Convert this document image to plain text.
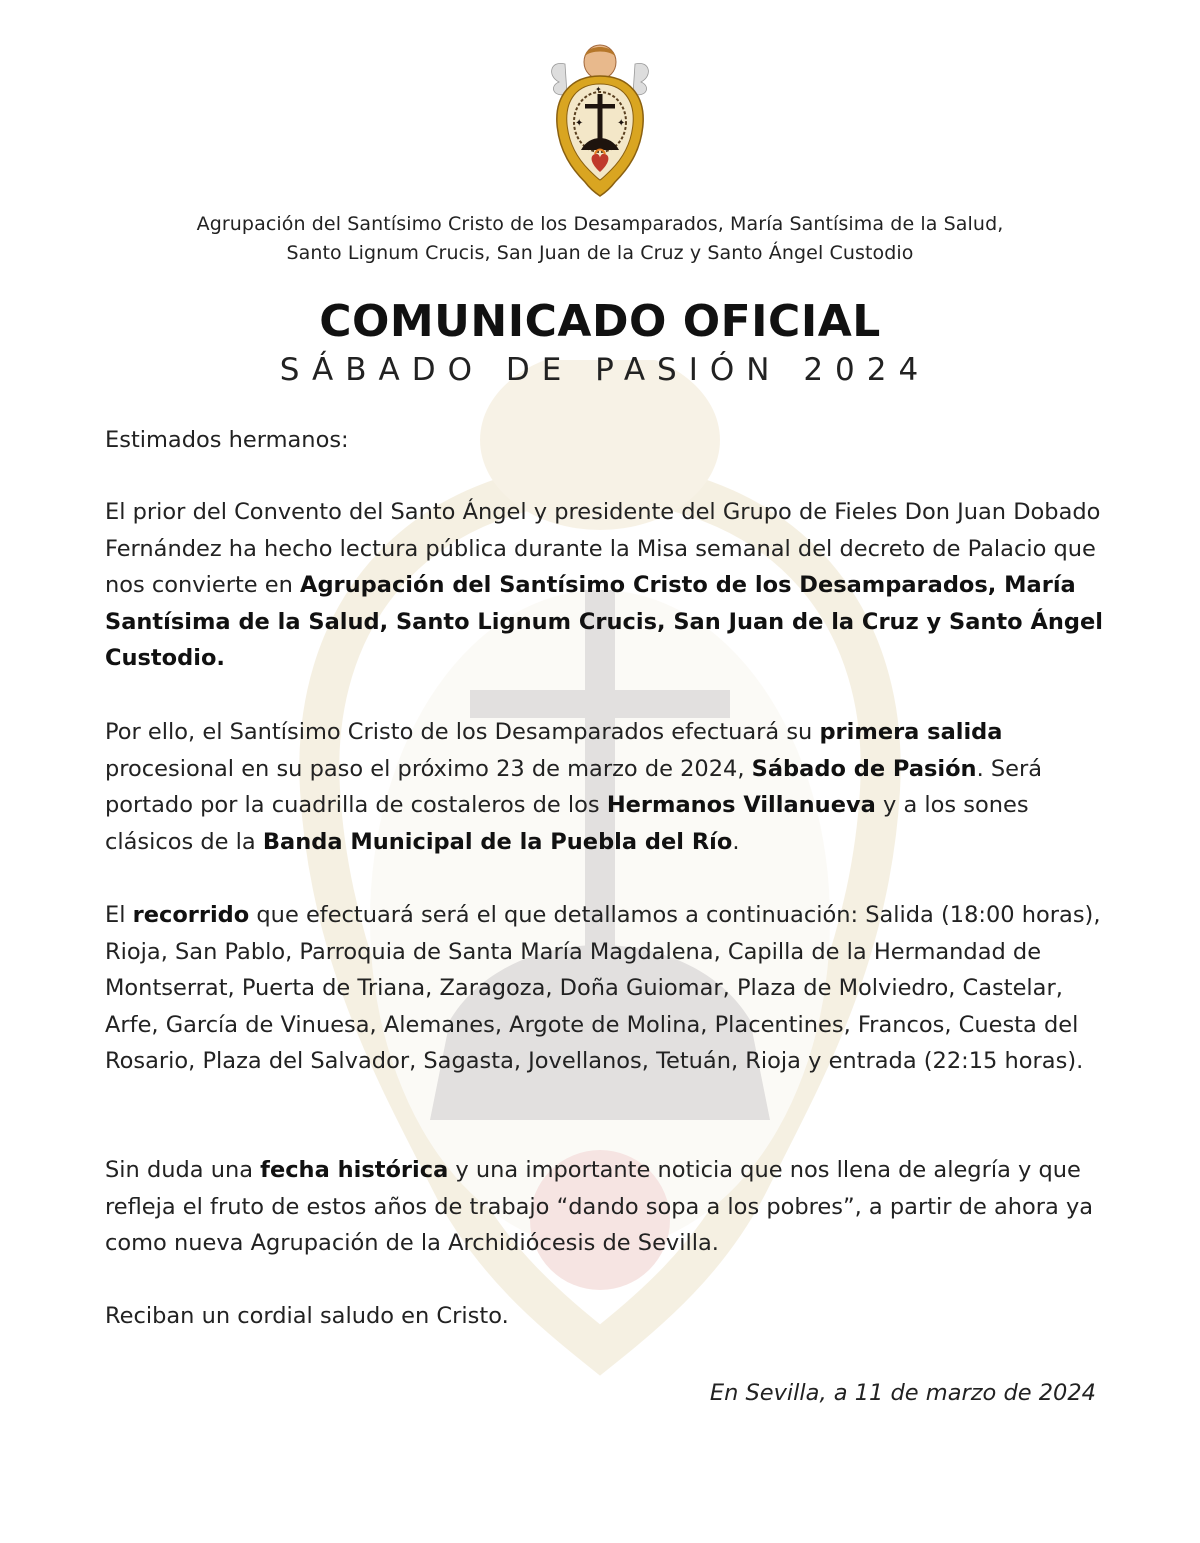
✦	✦
✦
Agrupación del Santísimo Cristo de los Desamparados, María Santísima de la Salud,
Santo Lignum Crucis, San Juan de la Cruz y Santo Ángel Custodio
COMUNICADO OFICIAL
SÁBADO DE PASIÓN 2024
Estimados hermanos:
El prior del Convento del Santo Ángel y presidente del Grupo de Fieles Don Juan Dobado Fernández ha hecho lectura pública durante la Misa semanal del decreto de Palacio que nos convierte en Agrupación del Santísimo Cristo de los Desamparados, María Santísima de la Salud, Santo Lignum Crucis, San Juan de la Cruz y Santo Ángel Custodio.
Por ello, el Santísimo Cristo de los Desamparados efectuará su primera salida procesional en su paso el próximo 23 de marzo de 2024, Sábado de Pasión. Será portado por la cuadrilla de costaleros de los Hermanos Villanueva y a los sones clásicos de la Banda Municipal de la Puebla del Río.
El recorrido que efectuará será el que detallamos a continuación: Salida (18:00 horas), Rioja, San Pablo, Parroquia de Santa María Magdalena, Capilla de la Hermandad de Montserrat, Puerta de Triana, Zaragoza, Doña Guiomar, Plaza de Molviedro, Castelar, Arfe, García de Vinuesa, Alemanes, Argote de Molina, Placentines, Francos, Cuesta del Rosario, Plaza del Salvador, Sagasta, Jovellanos, Tetuán, Rioja y entrada (22:15 horas).
Sin duda una fecha histórica y una importante noticia que nos llena de alegría y que refleja el fruto de estos años de trabajo “dando sopa a los pobres”, a partir de ahora ya como nueva Agrupación de la Archidiócesis de Sevilla.
Reciban un cordial saludo en Cristo.
En Sevilla, a 11 de marzo de 2024
